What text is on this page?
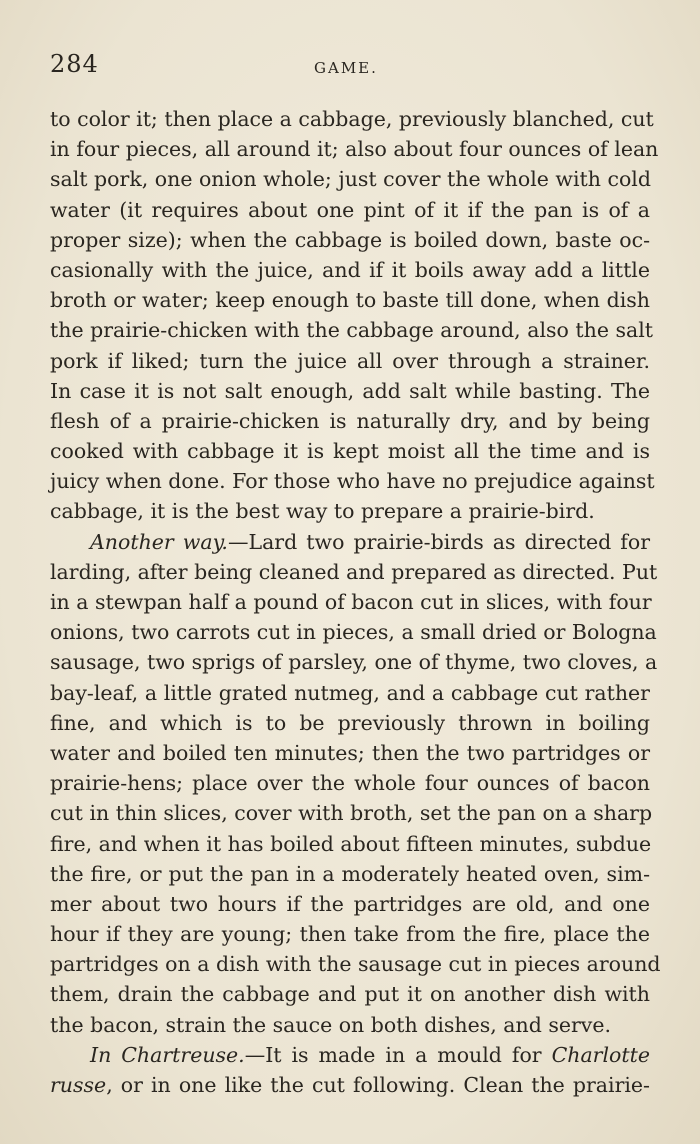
284	GAME.
to color it; then place a cabbage, previously blanched, cut
in four pieces, all around it; also about four ounces of lean
salt pork, one onion whole; just cover the whole with cold
water (it requires about one pint of it if the pan is of a
proper size); when the cabbage is boiled down, baste oc-
casionally with the juice, and if it boils away add a little
broth or water; keep enough to baste till done, when dish
the prairie-chicken with the cabbage around, also the salt
pork if liked; turn the juice all over through a strainer.
In case it is not salt enough, add salt while basting. The
flesh of a prairie-chicken is naturally dry, and by being
cooked with cabbage it is kept moist all the time and is
juicy when done. For those who have no prejudice against
cabbage, it is the best way to prepare a prairie-bird.
Another way.—Lard two prairie-birds as directed for
larding, after being cleaned and prepared as directed. Put
in a stewpan half a pound of bacon cut in slices, with four
onions, two carrots cut in pieces, a small dried or Bologna
sausage, two sprigs of parsley, one of thyme, two cloves, a
bay-leaf, a little grated nutmeg, and a cabbage cut rather
fine, and which is to be previously thrown in boiling
water and boiled ten minutes; then the two partridges or
prairie-hens; place over the whole four ounces of bacon
cut in thin slices, cover with broth, set the pan on a sharp
fire, and when it has boiled about fifteen minutes, subdue
the fire, or put the pan in a moderately heated oven, sim-
mer about two hours if the partridges are old, and one
hour if they are young; then take from the fire, place the
partridges on a dish with the sausage cut in pieces around
them, drain the cabbage and put it on another dish with
the bacon, strain the sauce on both dishes, and serve.
In Chartreuse.—It is made in a mould for Charlotte
russe, or in one like the cut following. Clean the prairie-
